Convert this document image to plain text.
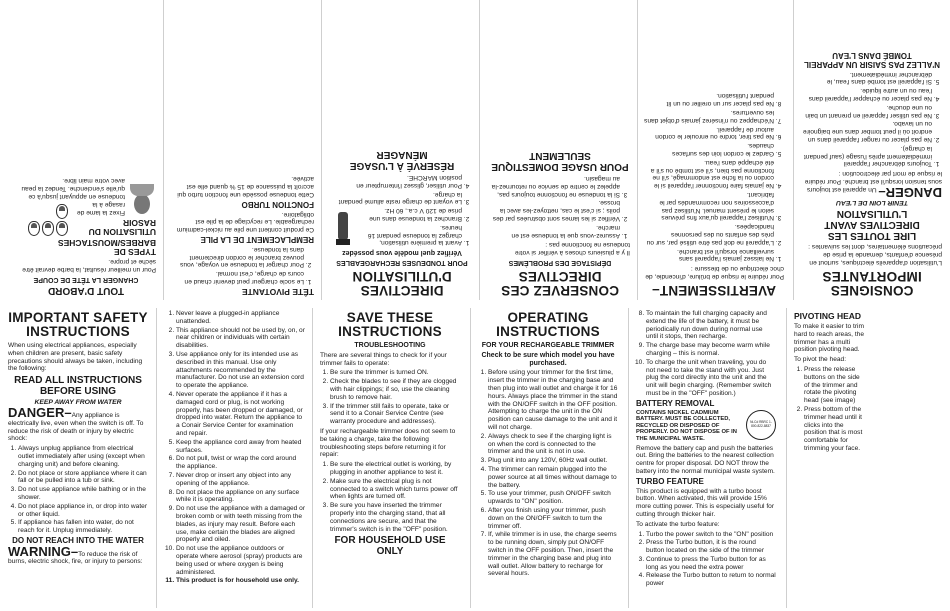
CONSIGNES IMPORTANTES

L'utilisation d'appareils électriques, surtout en présence d'enfants, demande la prise de précautions élémentaires, dont les suivantes :

LIRE TOUTES LES DIRECTIVES AVANT L'UTILISATION

TENIR LOIN DE L'EAU

DANGER– Un appareil est toujours sous tension lorsqu'il est branché. Pour réduire le risque de mort par électrocution :

1. Toujours débrancher l'appareil immédiatement après l'usage (sauf pendant la charge).
2. Ne pas placer ou ranger l'appareil dans un endroit où il peut tomber dans une baignoire ou un lavabo.
3. Ne pas utiliser l'appareil en prenant un bain ou une douche.
4. Ne pas placer ou échapper l'appareil dans l'eau ou un autre liquide.
5. Si l'appareil est tombé dans l'eau, le débrancher immédiatement.

N'ALLEZ PAS SAISIR UN APPAREIL TOMBÉ DANS L'EAU

AVERTISSEMENT–

Pour réduire le risque de brûlure, d'incendie, de choc électrique ou de blessure :

1. Ne laissez jamais l'appareil sans surveillance lorsqu'il est branché.
2. L'appareil ne doit pas être utilisé par, sur ou près des enfants ou des personnes handicapées.
3. N'utilisez l'appareil qu'aux fins prévues selon le présent manuel. N'utilisez pas d'accessoires non recommandés par le fabricant.
4. Ne jamais faire fonctionner l'appareil si le cordon ou la fiche est endommagé, s'il ne fonctionne pas bien, s'il est tombé ou s'il a été échappé dans l'eau.
5. Gardez le cordon loin des surfaces chaudes.
6. Ne pas tirer, tordre ou enrouler le cordon autour de l'appareil.
7. N'échappez ou n'insérez jamais d'objet dans les ouvertures.
8. Ne pas placer sur un oreiller ou un lit pendant l'utilisation.
CONSERVEZ CES DIRECTIVES

DÉPISTAGE DES PROBLÈMES

Il y a plusieurs choses à vérifier si votre tondeuse ne fonctionne pas :

1. Assurez-vous que la tondeuse est en marche.
2. Vérifiez si les lames sont obstruées par des poils ; si c'est le cas, nettoyez-les avec la brosse.
3. Si la tondeuse ne fonctionne toujours pas, appelez le centre de service ou retournez-la au magasin.
POUR USAGE DOMESTIQUE SEULEMENT
DIRECTIVES D'UTILISATION

POUR TONDEUSES RECHARGEABLES

Vérifiez quel modèle vous possédez

1. Avant la première utilisation, chargez la tondeuse pendant 16 heures.
2. Branchez la tondeuse dans une prise de 120 V c.a., 60 Hz.
3. Le voyant de charge reste allumé pendant la charge.
4. Pour utiliser, glissez l'interrupteur en position MARCHE.
RÉSERVÉ À L'USAGE MÉNAGER
TÊTE PIVOTANTE
1. Le socle chargeur peut devenir chaud en cours de charge, c'est normal.
2. Pour charger la tondeuse en voyage, vous pouvez brancher le cordon directement dans la tondeuse.

REMPLACEMENT DE LA PILE

Ce produit contient une pile au nickel-cadmium rechargeable. Le recyclage de la pile est obligatoire.

FONCTION TURBO

Cette tondeuse possède une fonction turbo qui accroît la puissance de 15 % quand elle est activée.

TOUT D'ABORD

CHANGER LA TÊTE DE COUPE

Pour un meilleur résultat, la barbe devrait être sèche et propre.

TYPES DE BARBES/MOUSTACHES
UTILISATION DU RASOIR

Fixez la lame de rasage à la tondeuse en appuyant jusqu'à ce qu'elle s'enclenche. Tendez la peau avec votre main libre.

IMPORTANT SAFETY INSTRUCTIONS

When using electrical appliances, especially when children are present, basic safety precautions should always be taken, including the following:

READ ALL INSTRUCTIONS BEFORE USING

KEEP AWAY FROM WATER

DANGER–Any appliance is electrically live, even when the switch is off. To reduce the risk of death or injury by electric shock:

1. Always unplug appliance from electrical outlet immediately after using (except when charging unit) and before cleaning.
2. Do not place or store appliance where it can fall or be pulled into a tub or sink.
3. Do not use appliance while bathing or in the shower.
4. Do not place appliance in, or drop into water or other liquid.
5. If appliance has fallen into water, do not reach for it. Unplug immediately.

DO NOT REACH INTO THE WATER

WARNING–To reduce the risk of burns, electric shock, fire, or injury to persons:

1. Never leave a plugged-in appliance unattended.
2. This appliance should not be used by, on, or near children or individuals with certain disabilities.
3. Use appliance only for its intended use as described in this manual. Use only attachments recommended by the manufacturer. Do not use an extension cord to operate the appliance.
4. Never operate the appliance if it has a damaged cord or plug, is not working properly, has been dropped or damaged, or dropped into water. Return the appliance to a Conair Service Center for examination and repair.
5. Keep the appliance cord away from heated surfaces.
6. Do not pull, twist or wrap the cord around the appliance.
7. Never drop or insert any object into any opening of the appliance.
8. Do not place the appliance on any surface while it is operating.
9. Do not use the appliance with a damaged or broken comb or with teeth missing from the blades, as injury may result. Before each use, make certain the blades are aligned properly and oiled.
10. Do not use the appliance outdoors or operate where aerosol (spray) products are being used or where oxygen is being administered.
11. This product is for household use only.
SAVE THESE INSTRUCTIONS

TROUBLESHOOTING

There are several things to check for if your trimmer fails to operate:

1. Be sure the trimmer is turned ON.
2. Check the blades to see if they are clogged with hair clippings; if so, use the cleaning brush to remove hair.
3. If the trimmer still fails to operate, take or send it to a Conair Service Centre (see warranty procedure and addresses).

If your rechargeable trimmer does not seem to be taking a charge, take the following troubleshooting steps before returning it for repair:

1. Be sure the electrical outlet is working, by plugging in another appliance to test it.
2. Make sure the electrical plug is not connected to a switch which turns power off when lights are turned off.
3. Be sure you have inserted the trimmer properly into the charging stand, that all connections are secure, and that the trimmer's switch is in the "OFF" position.
FOR HOUSEHOLD USE ONLY
OPERATING INSTRUCTIONS

FOR YOUR RECHARGEABLE TRIMMER

Check to be sure which model you have purchased.

1. Before using your trimmer for the first time, insert the trimmer in the charging base and then plug into wall outlet and charge it for 16 hours. Always place the trimmer in the stand with the ON/OFF switch in the OFF position. Attempting to charge the unit in the ON position can cause damage to the unit and it will not charge.
2. Always check to see if the charging light is on when the cord is connected to the trimmer and the unit is not in use.
3. Plug unit into any 120V, 60Hz wall outlet.
4. The trimmer can remain plugged into the power source at all times without damage to the battery.
5. To use your trimmer, push ON/OFF switch upwards to "ON" position.
6. After you finish using your trimmer, push down on the ON/OFF switch to turn the trimmer off.
7. If, while trimmer is in use, the charge seems to be running down, simply put ON/OFF switch in the OFF position. Then, insert the trimmer in the charging base and plug into wall outlet. Allow battery to recharge for several hours.
8. To maintain the full charging capacity and extend the life of the battery, it must be periodically run down during normal use until it stops, then recharge.
9. The charge base may become warm while charging – this is normal.
10. To charge the unit when traveling, you do not need to take the stand with you. Just plug the cord directly into the unit and the unit will begin charging. (Remember switch must be in the "OFF" position.)

BATTERY REMOVAL

Ni-Cd RBRC 1-800-822-8837

CONTAINS NICKEL CADMIUM BATTERY. MUST BE COLLECTED, RECYCLED OR DISPOSED OF PROPERLY. DO NOT DISPOSE OF IN THE MUNICIPAL WASTE.

Remove the battery cap and push the batteries out. Bring the batteries to the nearest collection centre for proper disposal. DO NOT throw the battery into the normal municipal waste system.

TURBO FEATURE

This product is equipped with a turbo boost button. When activated, this will provide 15% more cutting power. This is especially useful for cutting through thicker hair.

To activate the turbo feature:

1. Turbo the power switch to the "ON" position
2. Press the Turbo button, it is the round button located on the side of the trimmer
3. Continue to press the Turbo button for as long as you need the extra power
4. Release the Turbo button to return to normal power
PIVOTING HEAD

To make it easier to trim hard to reach areas, the trimmer has a multi position pivoting head.

To pivot the head:

1. Press the release buttons on the side of the trimmer and rotate the pivoting head (see image)
2. Press bottom of the trimmer head until it clicks into the position that is most comfortable for trimming your face.
